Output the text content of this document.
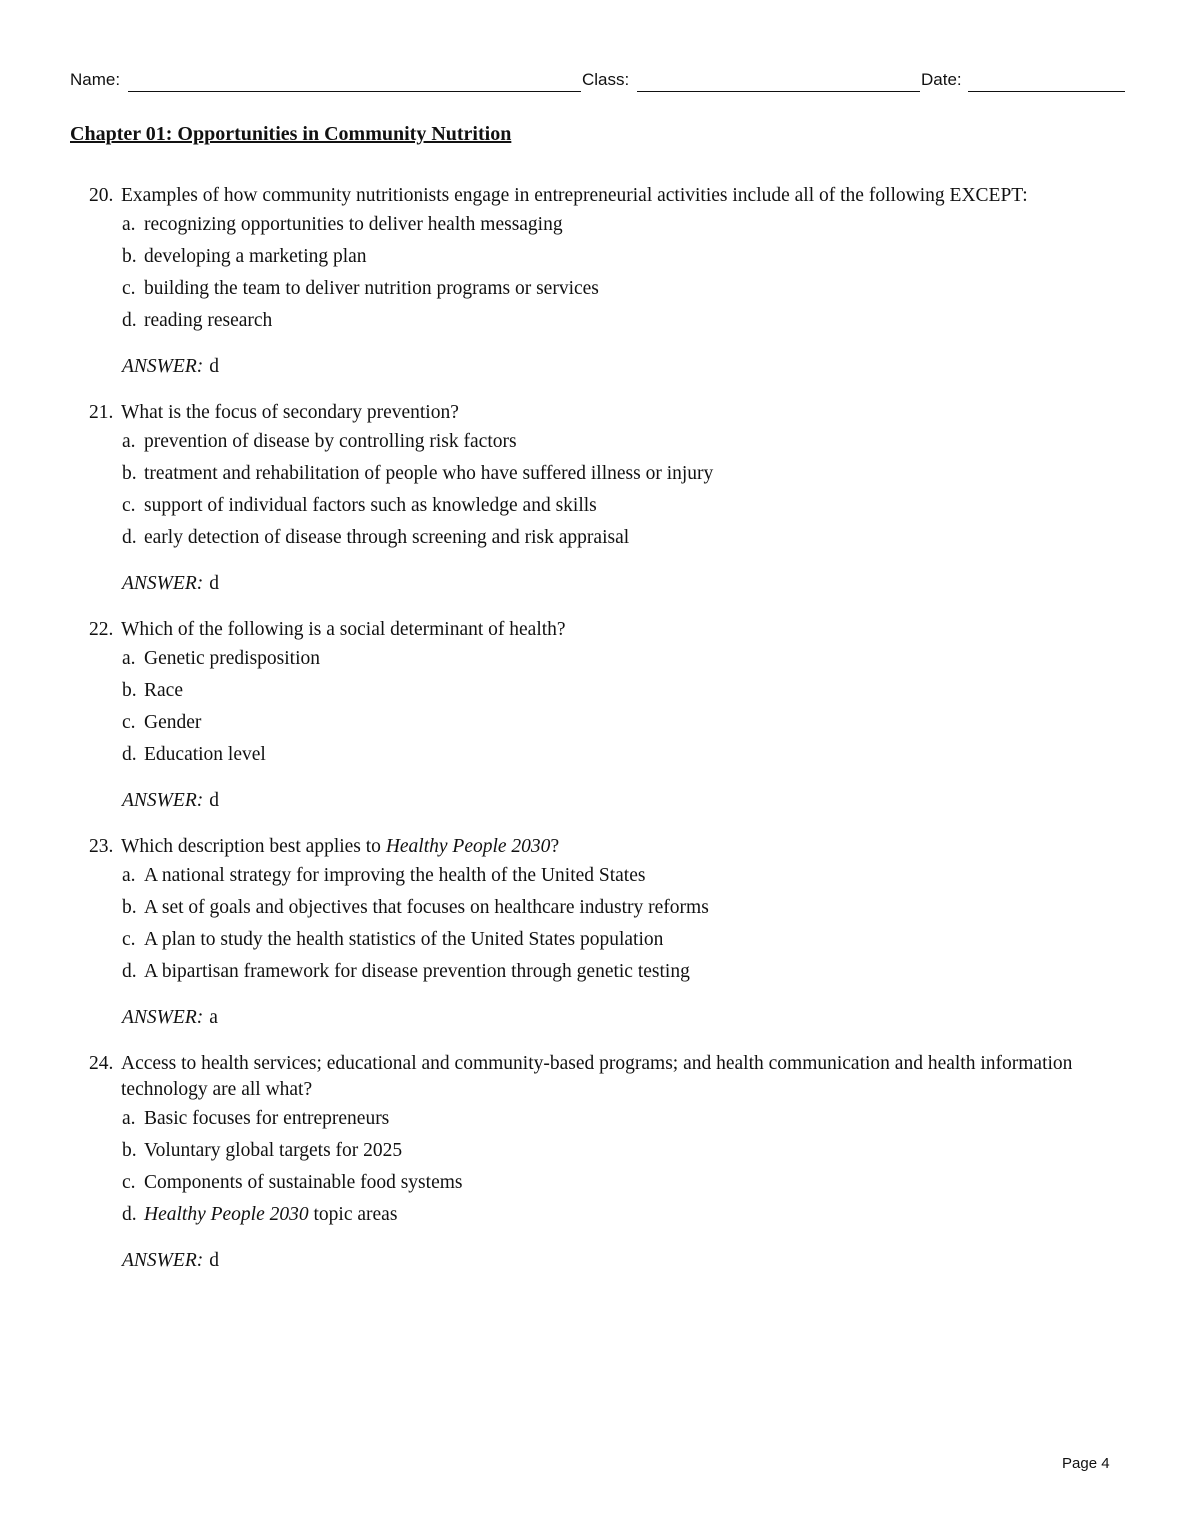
Name:	Class:	Date:
Chapter 01: Opportunities in Community Nutrition
20. Examples of how community nutritionists engage in entrepreneurial activities include all of the following EXCEPT:
a. recognizing opportunities to deliver health messaging
b. developing a marketing plan
c. building the team to deliver nutrition programs or services
d. reading research
ANSWER: d
21. What is the focus of secondary prevention?
a. prevention of disease by controlling risk factors
b. treatment and rehabilitation of people who have suffered illness or injury
c. support of individual factors such as knowledge and skills
d. early detection of disease through screening and risk appraisal
ANSWER: d
22. Which of the following is a social determinant of health?
a. Genetic predisposition
b. Race
c. Gender
d. Education level
ANSWER: d
23. Which description best applies to Healthy People 2030?
a. A national strategy for improving the health of the United States
b. A set of goals and objectives that focuses on healthcare industry reforms
c. A plan to study the health statistics of the United States population
d. A bipartisan framework for disease prevention through genetic testing
ANSWER: a
24. Access to health services; educational and community-based programs; and health communication and health information technology are all what?
a. Basic focuses for entrepreneurs
b. Voluntary global targets for 2025
c. Components of sustainable food systems
d. Healthy People 2030 topic areas
ANSWER: d
Page 4
